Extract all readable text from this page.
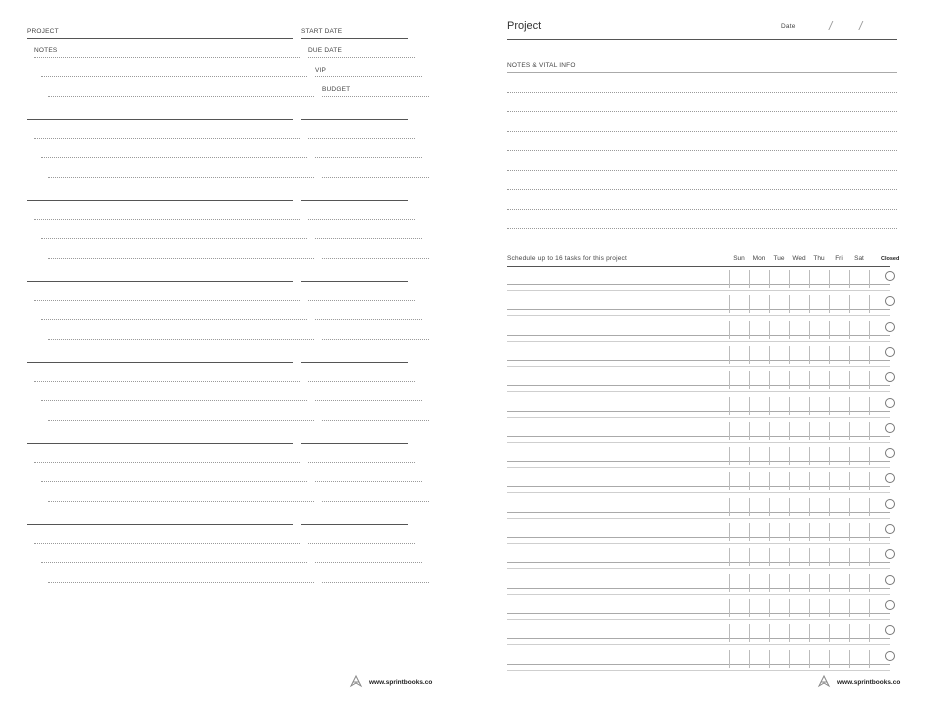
PROJECT	START DATE
NOTES	DUE DATE
VIP
BUDGET
www.sprintbooks.co
Project	Date	/ /
NOTES & VITAL INFO
Schedule up to 16 tasks for this project	Sun	Mon	Tue	Wed	Thu	Fri	Sat	Closed
www.sprintbooks.co
